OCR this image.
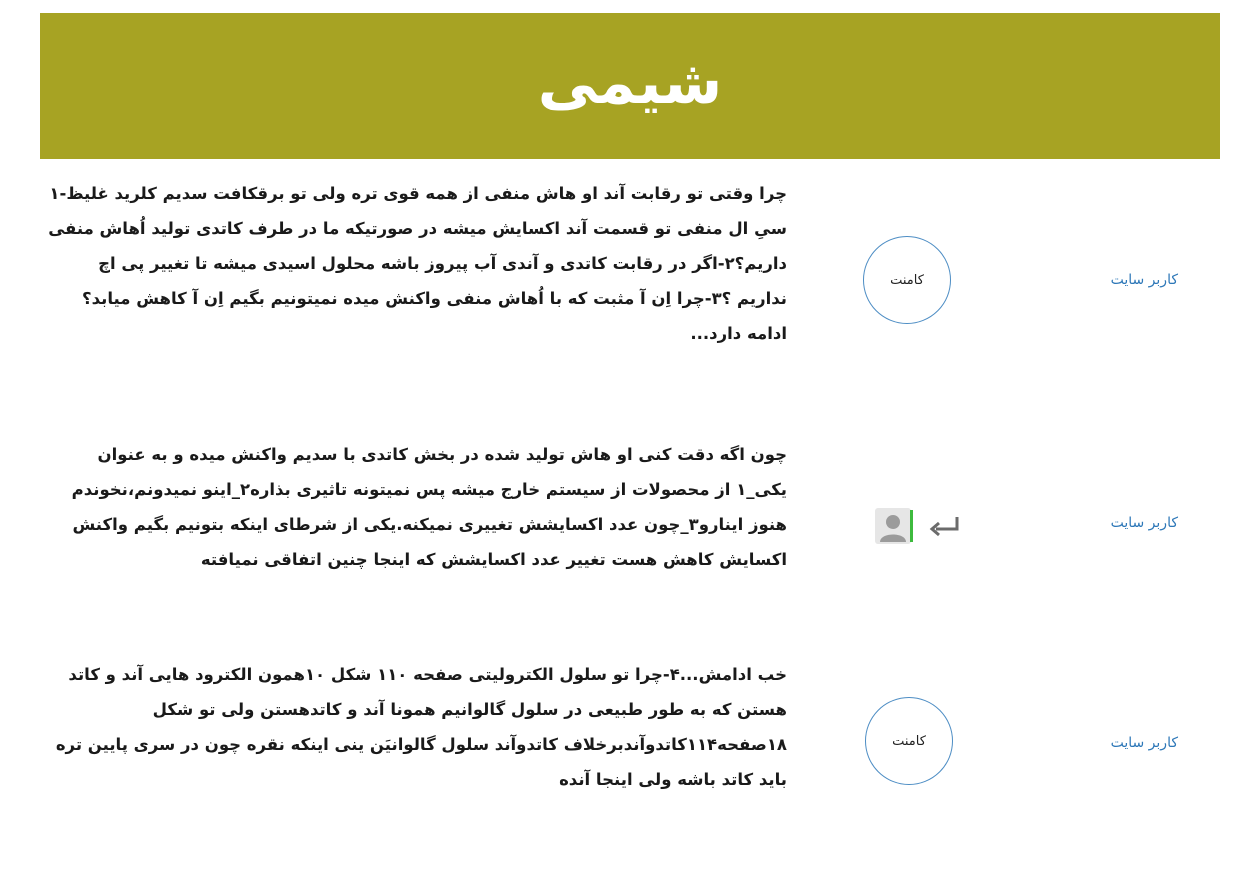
شیمی
چرا وقتی تو رقابت آند او هاش منفی از همه قوی تره ولی تو برقکافت سدیم کلرید غلیظ-۱ سیِ ال منفی تو قسمت آند اکسایش میشه در صورتیکه ما در طرف کاتدی تولید اُهاش منفی داریم؟۲-اگر در رقابت کاتدی و آندی آب پیروز باشه محلول اسیدی میشه تا تغییر پی اچ نداریم ؟۳-چرا اِن آ مثبت که با اُهاش منفی واکنش میده نمیتونیم بگیم اِن آ کاهش میابد؟ادامه دارد...
کامنت	کاربر سایت
چون اگه دقت کنی او هاش تولید شده در بخش کاتدی با سدیم واکنش میده و به عنوان یکی_۱ از محصولات از سیستم خارج میشه پس نمیتونه تاثیری بذاره۲_اینو نمیدونم،نخوندم هنوز اینارو۳_چون عدد اکسایشش تغییری نمیکنه.یکی از شرطای اینکه بتونیم بگیم واکنش اکسایش کاهش هست تغییر عدد اکسایشش که اینجا چنین اتفاقی نمیافته
کاربر سایت
خب ادامش...۴-چرا تو سلول الکترولیتی صفحه ۱۱۰ شکل ۱۰همون الکترود هایی آند و کاتد هستن که به طور طبیعی در سلول گالوانیم همونا آند و کاتدهستن ولی تو شکل ۱۸صفحه۱۱۴کاتدوآندبرخلاف کاتدوآند سلول گالوانیَن ینی اینکه نقره چون در سری پایین تره باید کاتد باشه ولی اینجا آنده
کامنت	کاربر سایت
